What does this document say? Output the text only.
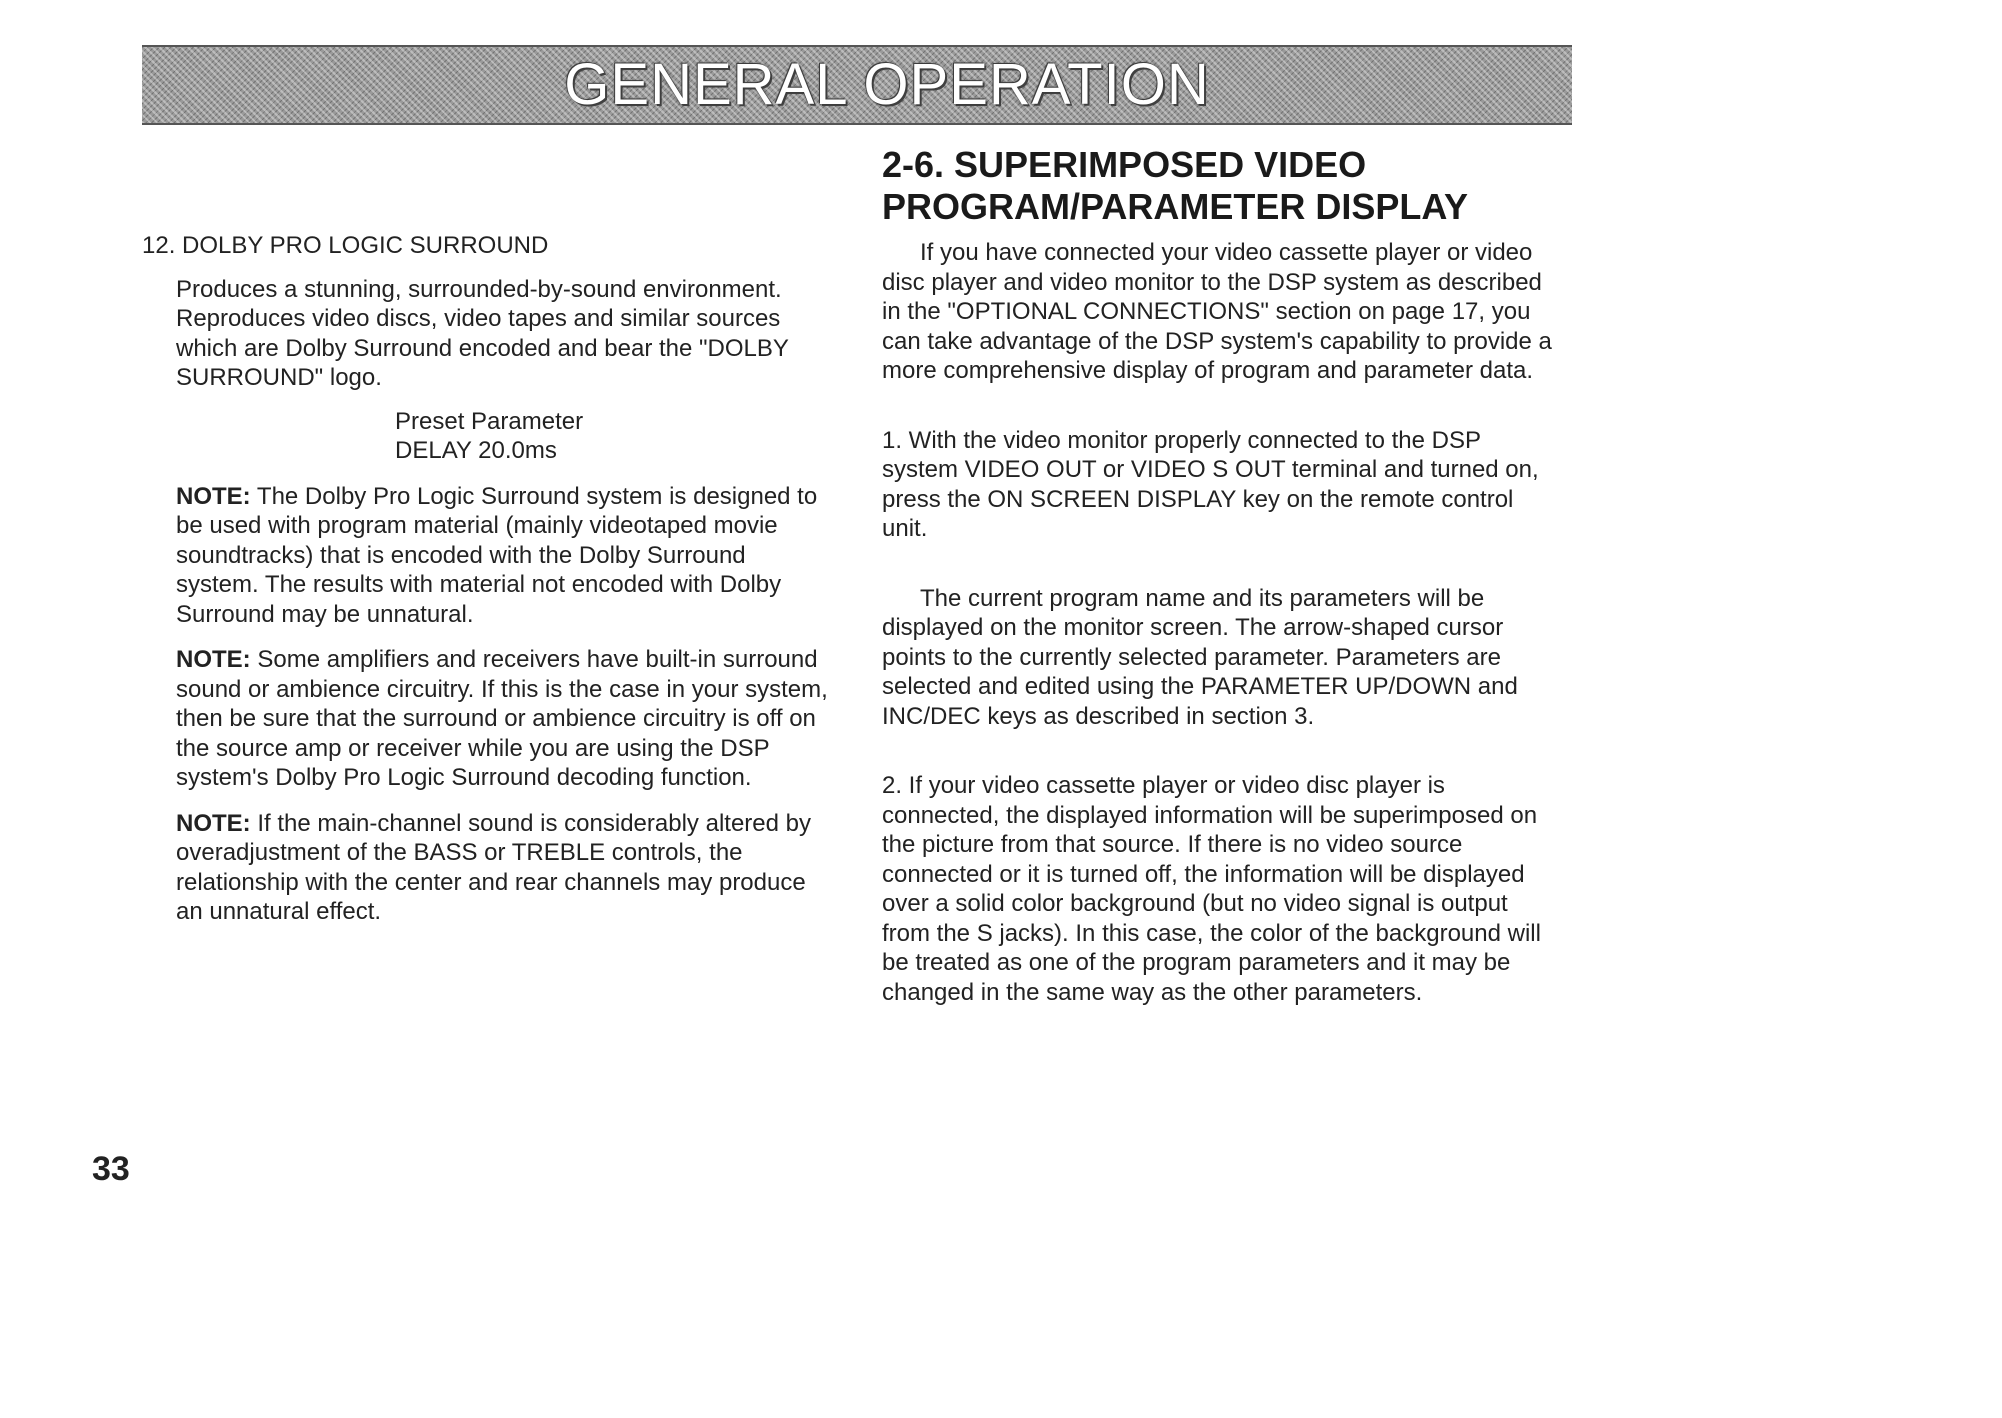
GENERAL OPERATION

12. DOLBY PRO LOGIC SURROUND

Produces a stunning, surrounded-by-sound environment. Reproduces video discs, video tapes and similar sources which are Dolby Surround encoded and bear the "DOLBY SURROUND" logo.

Preset Parameter

DELAY 20.0ms

NOTE: The Dolby Pro Logic Surround system is designed to be used with program material (mainly videotaped movie soundtracks) that is encoded with the Dolby Surround system. The results with material not encoded with Dolby Surround may be unnatural.

NOTE: Some amplifiers and receivers have built-in surround sound or ambience circuitry. If this is the case in your system, then be sure that the surround or ambience circuitry is off on the source amp or receiver while you are using the DSP system's Dolby Pro Logic Surround decoding function.

NOTE: If the main-channel sound is considerably altered by overadjustment of the BASS or TREBLE controls, the relationship with the center and rear channels may produce an unnatural effect.

2-6. SUPERIMPOSED VIDEO
PROGRAM/PARAMETER DISPLAY

If you have connected your video cassette player or video disc player and video monitor to the DSP system as described in the "OPTIONAL CONNECTIONS" section on page 17, you can take advantage of the DSP system's capability to provide a more comprehensive display of program and parameter data.

1. With the video monitor properly connected to the DSP system VIDEO OUT or VIDEO S OUT terminal and turned on, press the ON SCREEN DISPLAY key on the remote control unit.

The current program name and its parameters will be displayed on the monitor screen. The arrow-shaped cursor points to the currently selected parameter. Parameters are selected and edited using the PARAMETER UP/DOWN and INC/DEC keys as described in section 3.

2. If your video cassette player or video disc player is connected, the displayed information will be superimposed on the picture from that source. If there is no video source connected or it is turned off, the information will be displayed over a solid color background (but no video signal is output from the S jacks). In this case, the color of the background will be treated as one of the program parameters and it may be changed in the same way as the other parameters.

33
